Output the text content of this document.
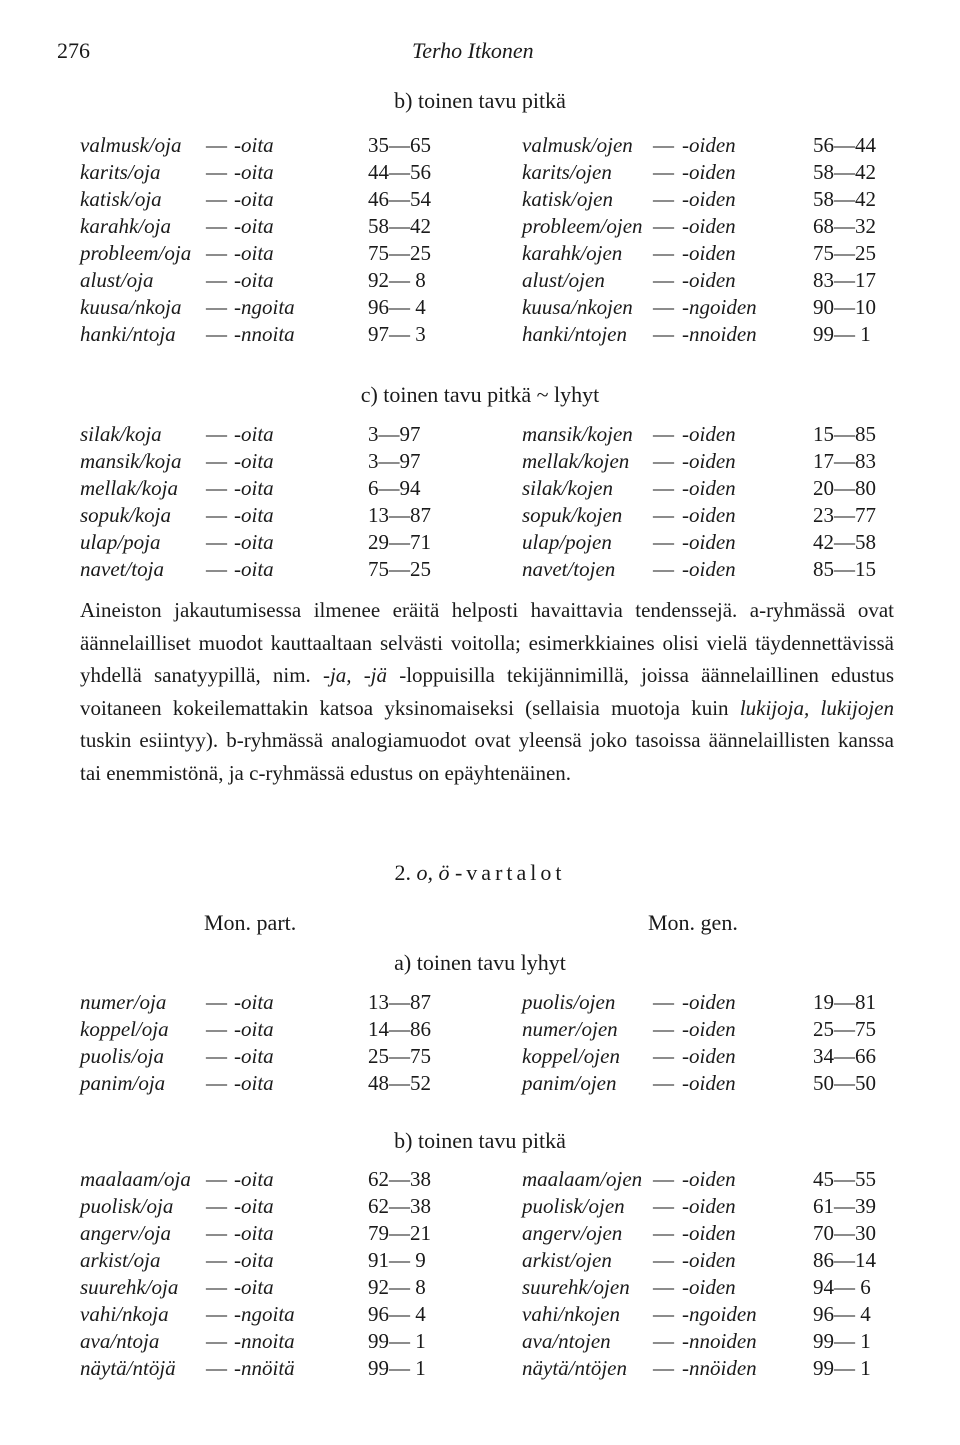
276	Terho Itkonen
b) toinen tavu pitkä
valmusk/oja — -oita	35—65	valmusk/ojen — -oiden	56—44
karits/oja — -oita	44—56	karits/ojen — -oiden	58—42
katisk/oja — -oita	46—54	katisk/ojen — -oiden	58—42
karahk/oja — -oita	58—42	probleem/ojen — -oiden	68—32
probleem/oja — -oita	75—25	karahk/ojen — -oiden	75—25
alust/oja — -oita	92— 8	alust/ojen — -oiden	83—17
kuusa/nkoja — -ngoita	96— 4	kuusa/nkojen — -ngoiden	90—10
hanki/ntoja — -nnoita	97— 3	hanki/ntojen — -nnoiden	99— 1
c) toinen tavu pitkä ~ lyhyt
silak/koja — -oita	3—97	mansik/kojen — -oiden	15—85
mansik/koja — -oita	3—97	mellak/kojen — -oiden	17—83
mellak/koja — -oita	6—94	silak/kojen — -oiden	20—80
sopuk/koja — -oita	13—87	sopuk/kojen — -oiden	23—77
ulap/poja — -oita	29—71	ulap/pojen — -oiden	42—58
navet/toja — -oita	75—25	navet/tojen — -oiden	85—15

Aineiston jakautumisessa ilmenee eräitä helposti havaittavia tendenssejä. a-ryhmässä ovat äännelailliset muodot kauttaaltaan selvästi voitolla; esimerkkiaines olisi vielä täydennettävissä yhdellä sanatyypillä, nim. -ja, -jä -loppuisilla tekijännimillä, joissa äännelaillinen edustus voitaneen kokeilemattakin katsoa yksinomaiseksi (sellaisia muotoja kuin lukijoja, lukijojen tuskin esiintyy). b-ryhmässä analogiamuodot ovat yleensä joko tasoissa äännelaillisten kanssa tai enemmistönä, ja c-ryhmässä edustus on epäyhtenäinen.

2. o, ö -vartalot
Mon. part.	Mon. gen.
a) toinen tavu lyhyt
numer/oja — -oita	13—87	puolis/ojen — -oiden	19—81
koppel/oja — -oita	14—86	numer/ojen — -oiden	25—75
puolis/oja — -oita	25—75	koppel/ojen — -oiden	34—66
panim/oja — -oita	48—52	panim/ojen — -oiden	50—50
b) toinen tavu pitkä
maalaam/oja — -oita	62—38	maalaam/ojen — -oiden	45—55
puolisk/oja — -oita	62—38	puolisk/ojen — -oiden	61—39
angerv/oja — -oita	79—21	angerv/ojen — -oiden	70—30
arkist/oja — -oita	91— 9	arkist/ojen — -oiden	86—14
suurehk/oja — -oita	92— 8	suurehk/ojen — -oiden	94— 6
vahi/nkoja — -ngoita	96— 4	vahi/nkojen — -ngoiden	96— 4
ava/ntoja — -nnoita	99— 1	ava/ntojen — -nnoiden	99— 1
näytä/ntöjä — -nnöitä	99— 1	näytä/ntöjen — -nnöiden	99— 1
